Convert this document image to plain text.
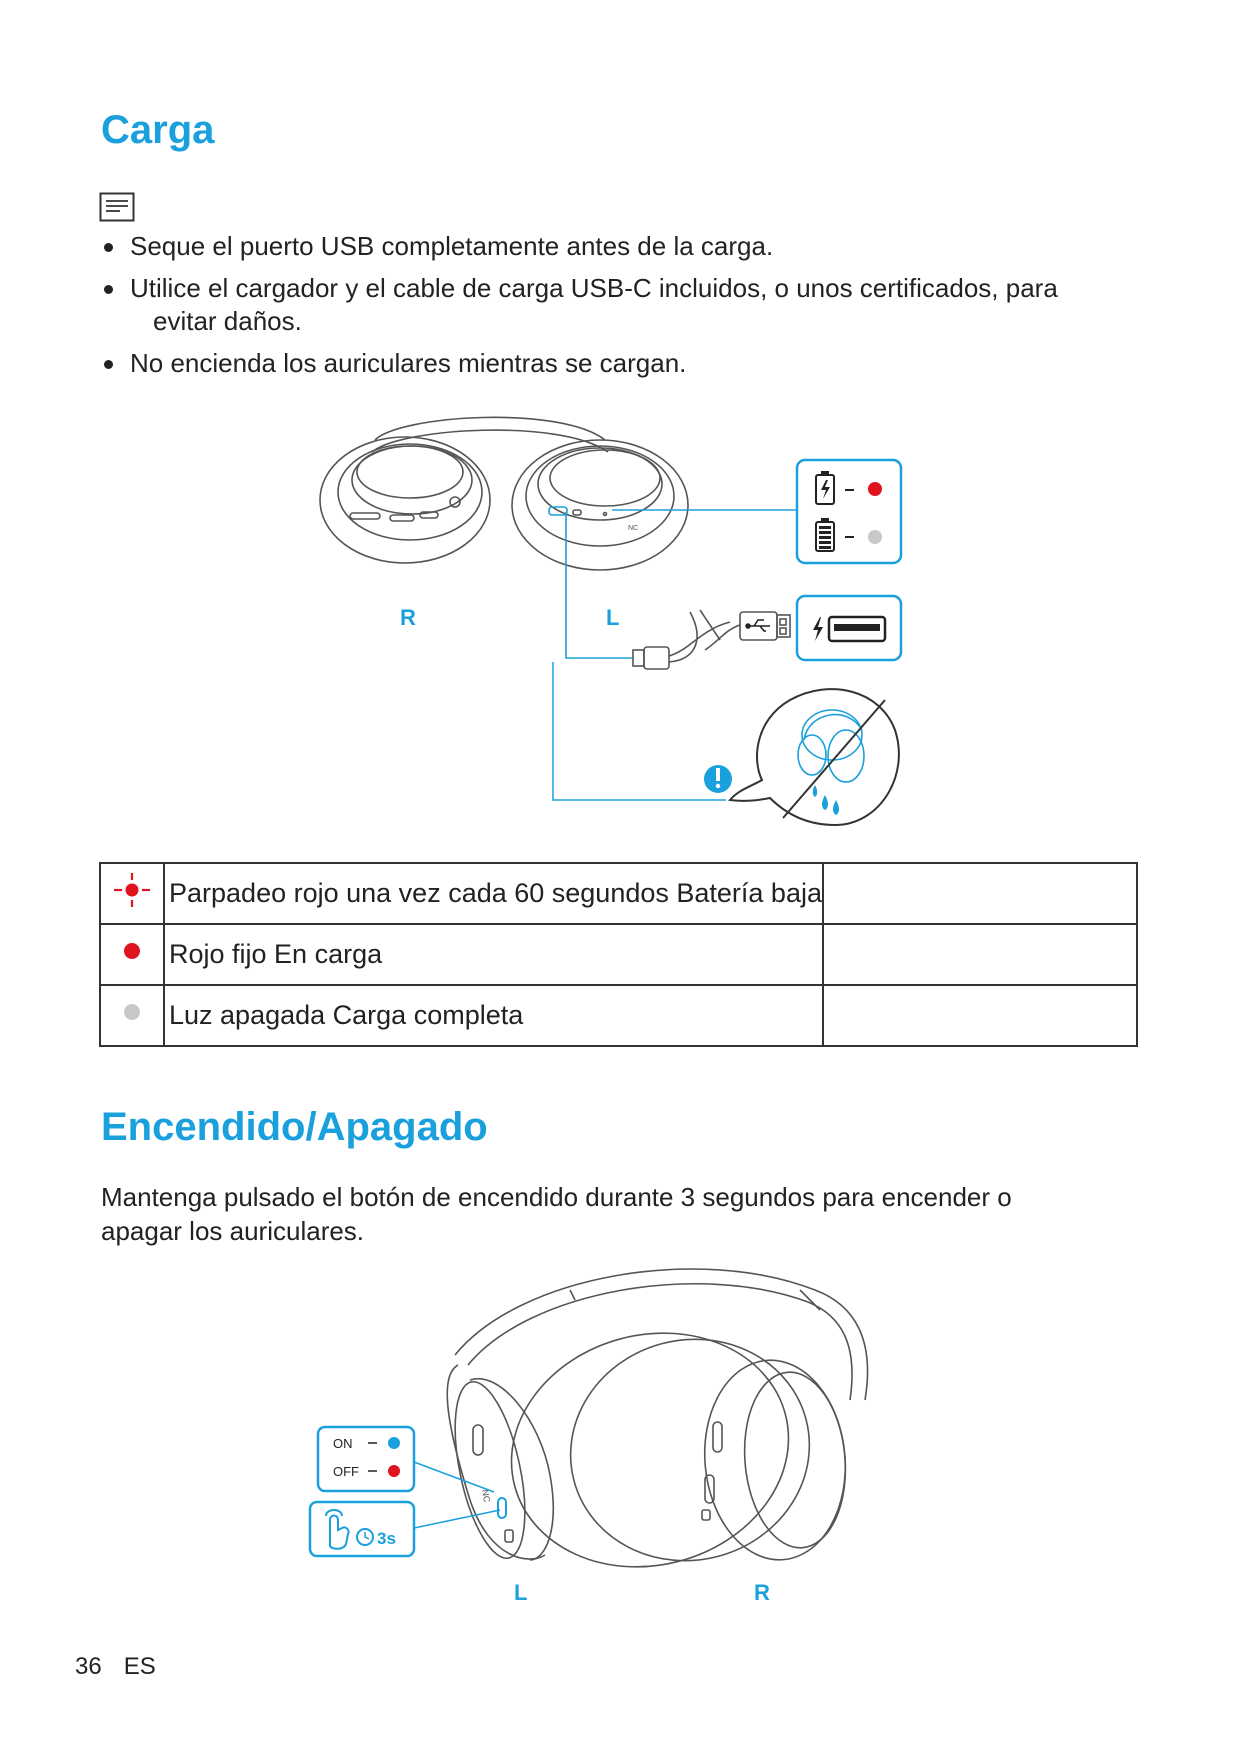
Carga
Seque el puerto USB completamente antes de la carga.
Utilice el cargador y el cable de carga USB-C incluidos, o unos certificados, para
evitar daños.
No encienda los auriculares mientras se cargan.
NC
R	L
	Parpadeo rojo una vez cada 60 segundos Batería baja	
	Rojo fijo En carga	
	Luz apagada Carga completa	
Encendido/Apagado

Mantenga pulsado el botón de encendido durante 3 segundos para encender o
apagar los auriculares.

NC
ON
OFF
3s
L	R
36 ES
